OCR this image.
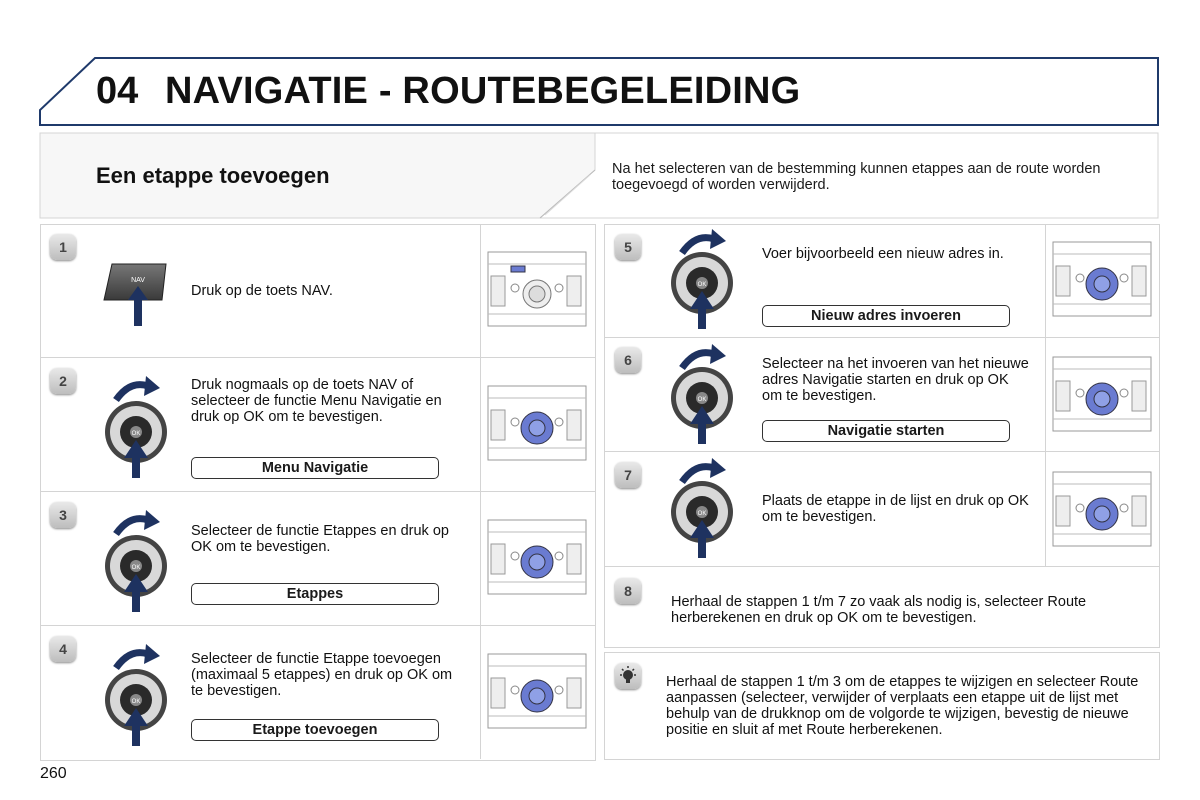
04 NAVIGATIE - ROUTEBEGELEIDING
Een etappe toevoegen	Na het selecteren van de bestemming kunnen etappes aan de route worden toegevoegd of worden verwijderd.
1
2
3
4
5
6
7
8
NAV
OK
OK
OK
OK
OK
OK
Druk op de toets NAV.
Druk nogmaals op de toets NAV of selecteer de functie Menu Navigatie en druk op OK om te bevestigen.
Selecteer de functie Etappes en druk op OK om te bevestigen.
Selecteer de functie Etappe toevoegen (maximaal 5 etappes) en druk op OK om te bevestigen.
Voer bijvoorbeeld een nieuw adres in.
Selecteer na het invoeren van het nieuwe adres Navigatie starten en druk op OK om te bevestigen.
Plaats de etappe in de lijst en druk op OK om te bevestigen.
Herhaal de stappen 1 t/m 7 zo vaak als nodig is, selecteer Route herberekenen en druk op OK om te bevestigen.
Herhaal de stappen 1 t/m 3 om de etappes te wijzigen en selecteer Route aanpassen (selecteer, verwijder of verplaats een etappe uit de lijst met behulp van de drukknop om de volgorde te wijzigen, bevestig de nieuwe positie en sluit af met Route herberekenen.
Menu Navigatie
Etappes
Etappe toevoegen
Nieuw adres invoeren
Navigatie starten
260
